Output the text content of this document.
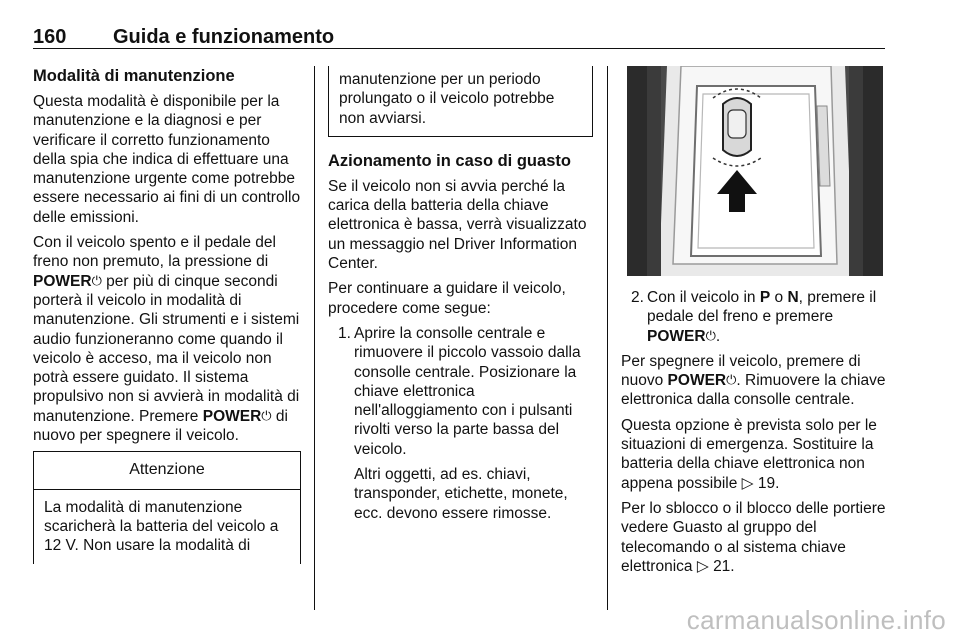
160 Guida e funzionamento
Modalità di manutenzione

Questa modalità è disponibile per la manutenzione e la diagnosi e per verificare il corretto funzionamento della spia che indica di effettuare una manutenzione urgente come potrebbe essere necessario ai fini di un controllo delle emissioni.

Con il veicolo spento e il pedale del freno non premuto, la pressione di POWER⏻ per più di cinque secondi porterà il veicolo in modalità di manutenzione. Gli strumenti e i sistemi audio funzioneranno come quando il veicolo è acceso, ma il veicolo non potrà essere guidato. Il sistema propulsivo non si avvierà in modalità di manutenzione. Premere POWER⏻ di nuovo per spegnere il veicolo.

Attenzione
La modalità di manutenzione scaricherà la batteria del veicolo a 12 V. Non usare la modalità di
manutenzione per un periodo prolungato o il veicolo potrebbe non avviarsi.
Azionamento in caso di guasto

Se il veicolo non si avvia perché la carica della batteria della chiave elettronica è bassa, verrà visualizzato un messaggio nel Driver Information Center.

Per continuare a guidare il veicolo, procedere come segue:

1. Aprire la consolle centrale e rimuovere il piccolo vassoio dalla consolle centrale. Posizionare la chiave elettronica nell'alloggiamento con i pulsanti rivolti verso la parte bassa del veicolo.

Altri oggetti, ad es. chiavi, transponder, etichette, monete, ecc. devono essere rimosse.

2. Con il veicolo in P o N, premere il pedale del freno e premere
POWER⏻.

Per spegnere il veicolo, premere di nuovo POWER⏻. Rimuovere la chiave elettronica dalla consolle centrale.

Questa opzione è prevista solo per le situazioni di emergenza. Sostituire la batteria della chiave elettronica non appena possibile ▷ 19.

Per lo sblocco o il blocco delle portiere vedere Guasto al gruppo del telecomando o al sistema chiave elettronica ▷ 21.

carmanualsonline.info
